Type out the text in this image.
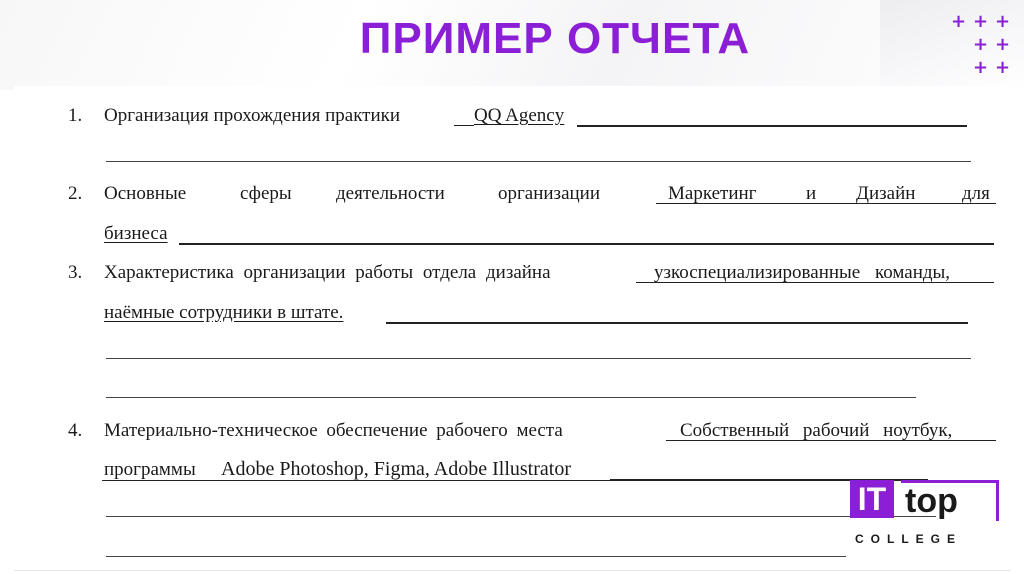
ПРИМЕР ОТЧЕТА	+ + +
+ +
+ +
1. Организация прохождения практики	QQ Agency
2. Основные	сферы деятельности	организации	Маркетинг	и Дизайн для
бизнеса
3. Характеристика организации работы отдела дизайна	узкоспециализированные команды,
наёмные сотрудники в штате.
4. Материально-техническое обеспечение рабочего места	Собственный рабочий ноутбук,
программы Adobe Photoshop, Figma, Adobe Illustrator
IT top
COLLEGE
